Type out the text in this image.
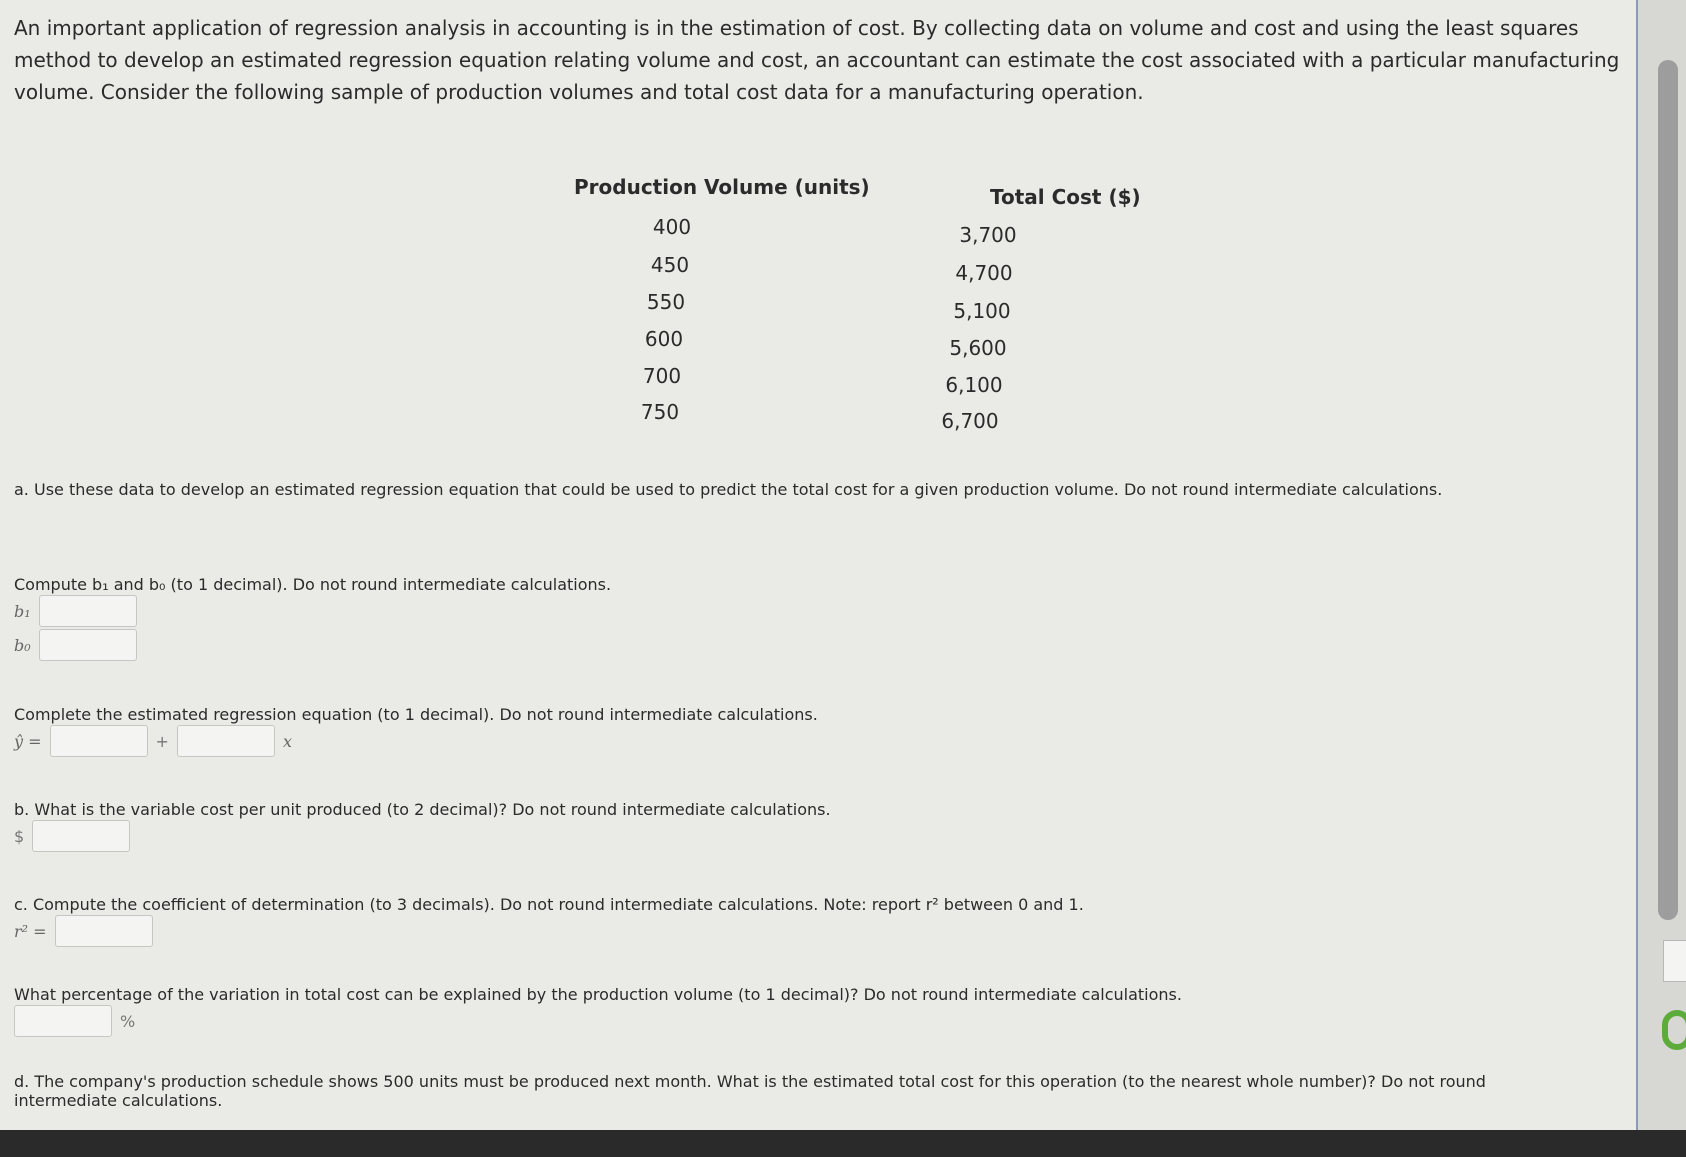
An important application of regression analysis in accounting is in the estimation of cost. By collecting data on volume and cost and using the least squares method to develop an estimated regression equation relating volume and cost, an accountant can estimate the cost associated with a particular manufacturing volume. Consider the following sample of production volumes and total cost data for a manufacturing operation.

Production Volume (units)	Total Cost ($)
400	3,700
450	4,700
550	5,100
600	5,600
700	6,100
750	6,700

a. Use these data to develop an estimated regression equation that could be used to predict the total cost for a given production volume. Do not round intermediate calculations.

Compute b₁ and b₀ (to 1 decimal). Do not round intermediate calculations.

b₁
b₀

Complete the estimated regression equation (to 1 decimal). Do not round intermediate calculations.

ŷ =	+	x

b. What is the variable cost per unit produced (to 2 decimal)? Do not round intermediate calculations.

$

c. Compute the coefficient of determination (to 3 decimals). Do not round intermediate calculations. Note: report r² between 0 and 1.

r² =

What percentage of the variation in total cost can be explained by the production volume (to 1 decimal)? Do not round intermediate calculations.

%

d. The company's production schedule shows 500 units must be produced next month. What is the estimated total cost for this operation (to the nearest whole number)? Do not round intermediate calculations.
